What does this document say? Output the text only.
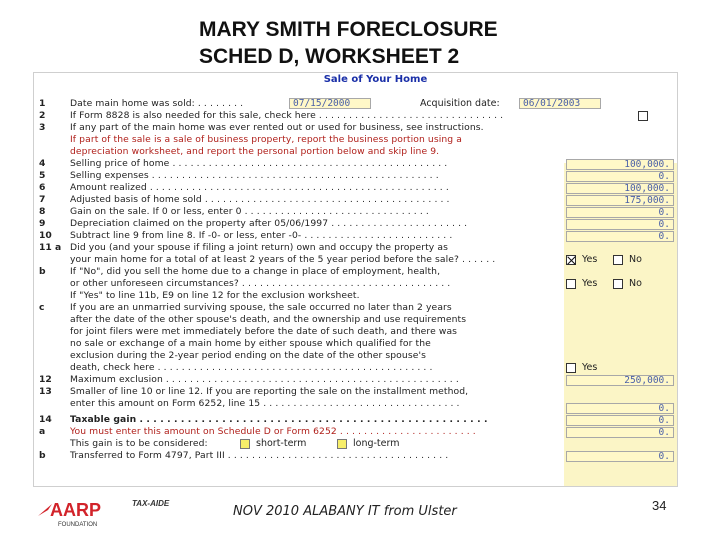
MARY SMITH FORECLOSURE
SCHED D, WORKSHEET 2
Sale of Your Home
1	Date main home was sold: . . . . . . . .	07/15/2000	Acquisition date:	06/01/2003
2	If Form 8828 is also needed for this sale, check here . . . . . . . . . . . . . . . . . . . . . . . . . . . . . . .
3	If any part of the main home was ever rented out or used for business, see instructions.
If part of the sale is a sale of business property, report the business portion using a
depreciation worksheet, and report the personal portion below and skip line 9.
4	Selling price of home . . . . . . . . . . . . . . . . . . . . . . . . . . . . . . . . . . . . . . . . . . . . . .	100,000.
5	Selling expenses . . . . . . . . . . . . . . . . . . . . . . . . . . . . . . . . . . . . . . . . . . . . . . . .	0.
6	Amount realized . . . . . . . . . . . . . . . . . . . . . . . . . . . . . . . . . . . . . . . . . . . . . . . . . .	100,000.
7	Adjusted basis of home sold . . . . . . . . . . . . . . . . . . . . . . . . . . . . . . . . . . . . . . . . .	175,000.
8	Gain on the sale. If 0 or less, enter 0 . . . . . . . . . . . . . . . . . . . . . . . . . . . . . . .	0.
9	Depreciation claimed on the property after 05/06/1997 . . . . . . . . . . . . . . . . . . . . . . .	0.
10	Subtract line 9 from line 8. If -0- or less, enter -0- . . . . . . . . . . . . . . . . . . . . . . . . .	0.
11 a Did you (and your spouse if filing a joint return) own and occupy the property as
your main home for a total of at least 2 years of the 5 year period before the sale? . . . . . .	Yes	No
b	If "No", did you sell the home due to a change in place of employment, health,
or other unforeseen circumstances? . . . . . . . . . . . . . . . . . . . . . . . . . . . . . . . . . . .	Yes	No
If "Yes" to line 11b, E9 on line 12 for the exclusion worksheet.
c	If you are an unmarried surviving spouse, the sale occurred no later than 2 years
after the date of the other spouse's death, and the ownership and use requirements
for joint filers were met immediately before the date of such death, and there was
no sale or exchange of a main home by either spouse which qualified for the
exclusion during the 2-year period ending on the date of the other spouse's
death, check here . . . . . . . . . . . . . . . . . . . . . . . . . . . . . . . . . . . . . . . . . . . . . .	Yes
12	Maximum exclusion . . . . . . . . . . . . . . . . . . . . . . . . . . . . . . . . . . . . . . . . . . . . . . . . .	250,000.
13	Smaller of line 10 or line 12. If you are reporting the sale on the installment method,
enter this amount on Form 6252, line 15 . . . . . . . . . . . . . . . . . . . . . . . . . . . . . . . . .	0.
14	Taxable gain . . . . . . . . . . . . . . . . . . . . . . . . . . . . . . . . . . . . . . . . . . . . . . . . . . .	0.
a	You must enter this amount on Schedule D or Form 6252 . . . . . . . . . . . . . . . . . . . . . . .	0.
This gain is to be considered:	short-term	long-term
b	Transferred to Form 4797, Part III . . . . . . . . . . . . . . . . . . . . . . . . . . . . . . . . . . . . .	0.
AARP
FOUNDATION
TAX-AIDE
NOV 2010 ALABANY IT from Ulster	34
